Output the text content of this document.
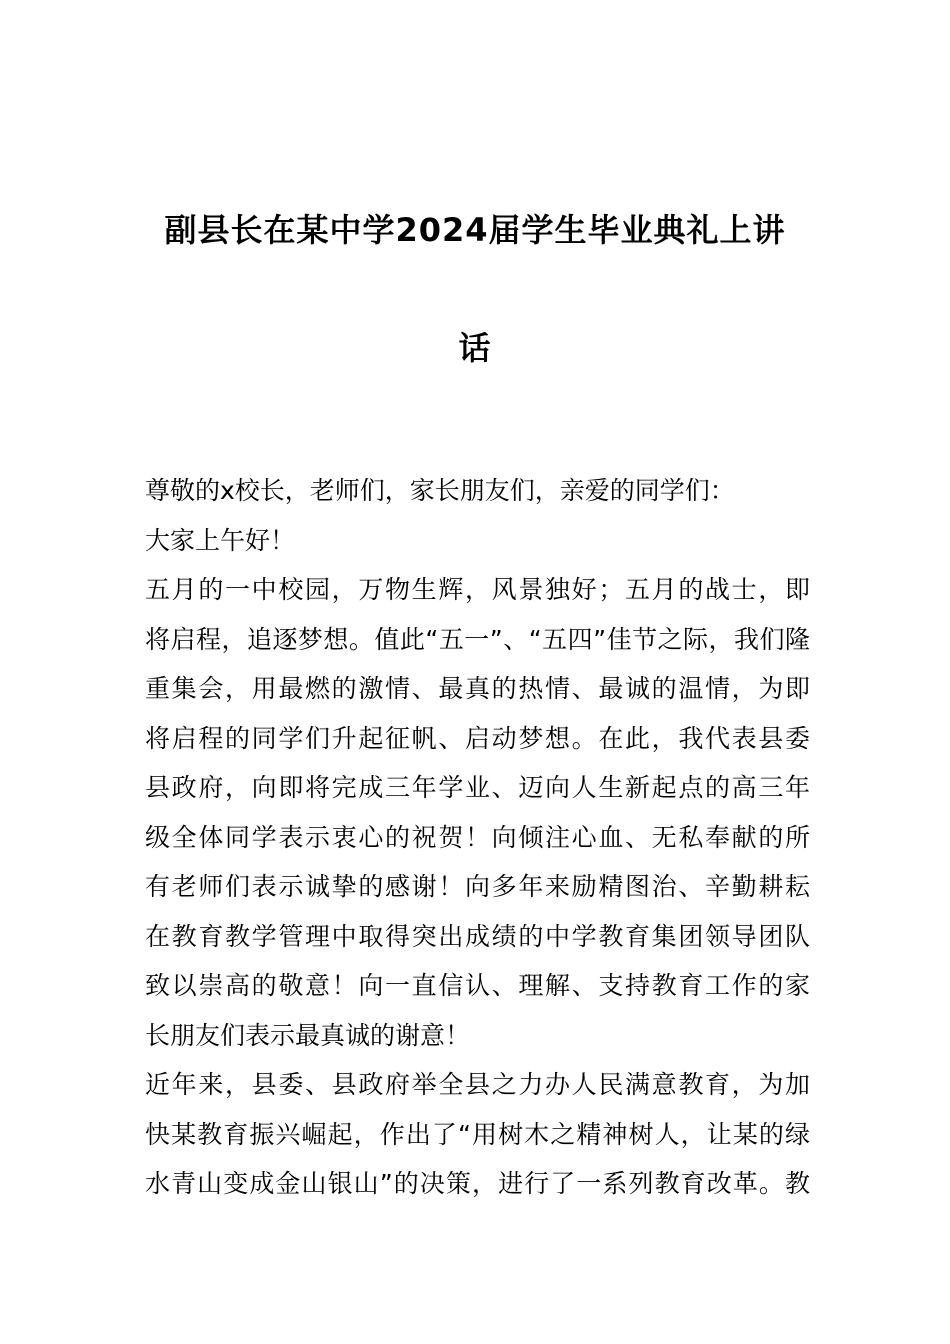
副县长在某中学2024届学生毕业典礼上讲
话
尊敬的x校长，老师们，家长朋友们，亲爱的同学们：
大家上午好！
五月的一中校园，万物生辉，风景独好；五月的战士，即
将启程，追逐梦想。值此“五一”、“五四”佳节之际，我们隆
重集会，用最燃的激情、最真的热情、最诚的温情，为即
将启程的同学们升起征帆、启动梦想。在此，我代表县委
县政府，向即将完成三年学业、迈向人生新起点的高三年
级全体同学表示衷心的祝贺！向倾注心血、无私奉献的所
有老师们表示诚挚的感谢！向多年来励精图治、辛勤耕耘
在教育教学管理中取得突出成绩的中学教育集团领导团队
致以崇高的敬意！向一直信认、理解、支持教育工作的家
长朋友们表示最真诚的谢意！
近年来，县委、县政府举全县之力办人民满意教育，为加
快某教育振兴崛起，作出了“用树木之精神树人，让某的绿
水青山变成金山银山”的决策，进行了一系列教育改革。教
